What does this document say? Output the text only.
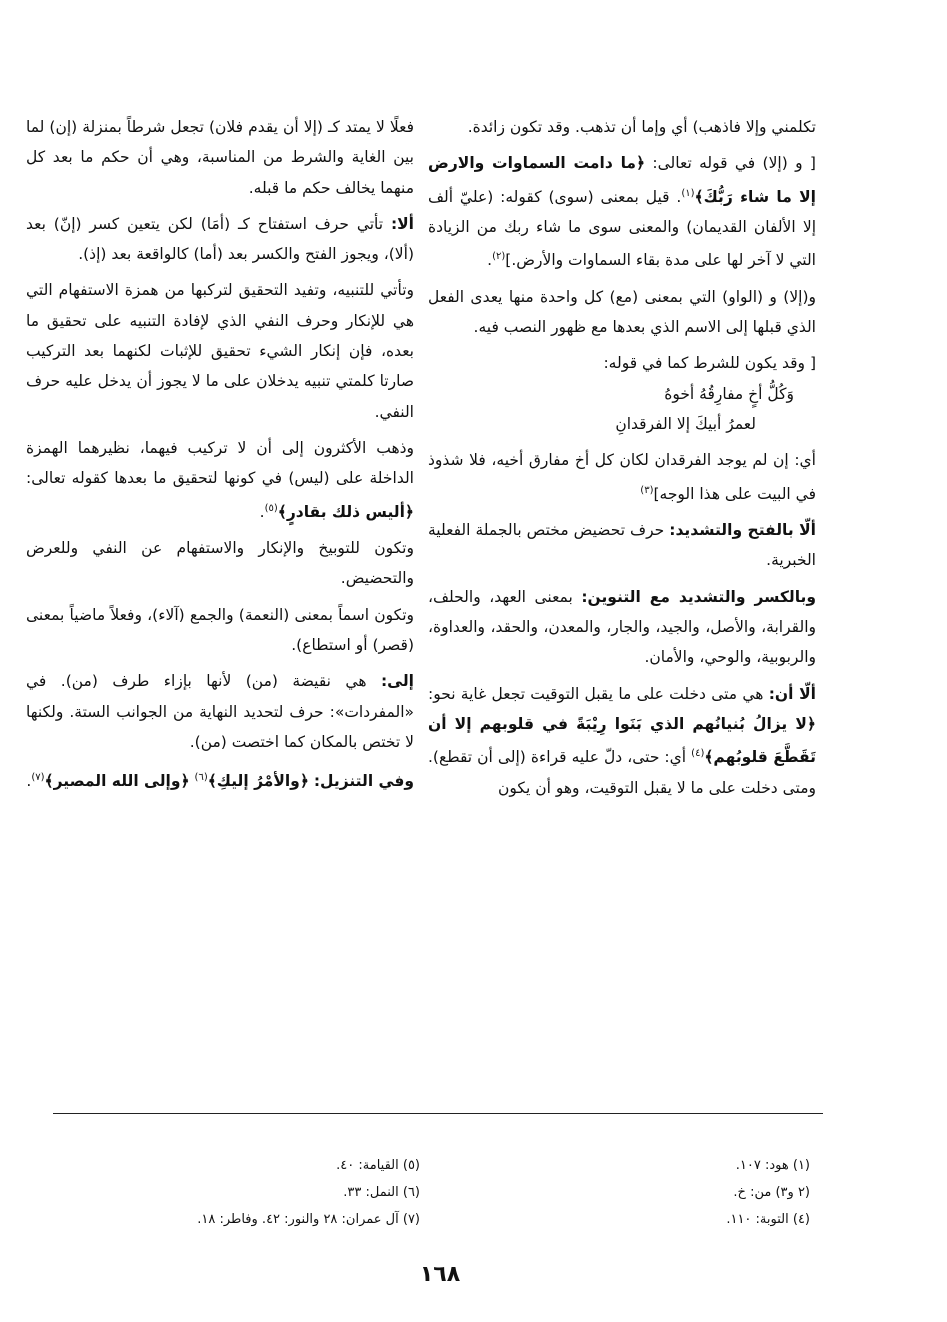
تكلمني وإلا فاذهب) أي وإما أن تذهب. وقد تكون زائدة.

[ و (إلا) في قوله تعالى: ﴿ما دامت السماوات والارض إلا ما شاء رَبُّكَ﴾$^{(١)}$. قيل بمعنى (سوى) كقوله: (عليّ ألف إلا الألفان القديمان) والمعنى سوى ما شاء ربك من الزيادة التي لا آخر لها على مدة بقاء السماوات والأرض.]$^{(٢)}$.

و(إلا) و (الواو) التي بمعنى (مع) كل واحدة منها يعدى الفعل الذي قبلها إلى الاسم الذي بعدها مع ظهور النصب فيه.

[ وقد يكون للشرط كما في قوله:
وَكُلُّ أخٍ مفارِقُهُ أخوهُ
لعمرُ أبيكَ إلا الفرقدانِ

أي: إن لم يوجد الفرقدان لكان كل أخ مفارق أخيه، فلا شذوذ في البيت على هذا الوجه]$^{(٣)}$

ألّا بالفتح والتشديد: حرف تحضيض مختص بالجملة الفعلية الخبرية.

وبالكسر والتشديد مع التنوين: بمعنى العهد، والحلف، والقرابة، والأصل، والجيد، والجار، والمعدن، والحقد، والعداوة، والربوبية، والوحي، والأمان.

ألّا أن: هي متى دخلت على ما يقبل التوقيت تجعل غاية نحو: ﴿لا يزالُ بُنيانُهم الذي بَنَوا رِيْبَةً في قلوبهم إلا أن تَقَطَّعَ قلوبُهم﴾$^{(٤)}$ أي: حتى، دلّ عليه قراءة (إلى أن تقطع). ومتى دخلت على ما لا يقبل التوقيت، وهو أن يكون

فعلًا لا يمتد كـ (إلا أن يقدم فلان) تجعل شرطاً بمنزلة (إن) لما بين الغاية والشرط من المناسبة، وهي أن حكم ما بعد كل منهما يخالف حكم ما قبله.

ألا: تأتي حرف استفتاح كـ (أمَا) لكن يتعين كسر (إنّ) بعد (ألا)، ويجوز الفتح والكسر بعد (أما) كالواقعة بعد (إذ).

وتأتي للتنبيه، وتفيد التحقيق لتركبها من همزة الاستفهام التي هي للإنكار وحرف النفي الذي لإفادة التنبيه على تحقيق ما بعده، فإن إنكار الشيء تحقيق للإثبات لكنهما بعد التركيب صارتا كلمتي تنبيه يدخلان على ما لا يجوز أن يدخل عليه حرف النفي.

وذهب الأكثرون إلى أن لا تركيب فيهما، نظيرهما الهمزة الداخلة على (ليس) في كونها لتحقيق ما بعدها كقوله تعالى: ﴿أليس ذلك بقادرٍ﴾$^{(٥)}$.

وتكون للتوبيخ والإنكار والاستفهام عن النفي وللعرض والتحضيض.

وتكون اسماً بمعنى (النعمة) والجمع (آلاء)، وفعلاً ماضياً بمعنى (قصر) أو استطاع).

إلى: هي نقيضة (من) لأنها بإزاء طرف (من). في «المفردات»: حرف لتحديد النهاية من الجوانب الستة. ولكنها لا تختص بالمكان كما اختصت (من).

وفي التنزيل: ﴿والأمْرُ إليكِ﴾$^{(٦)}$ ﴿وإلى الله المصير﴾$^{(٧)}$.

(١) هود: ١٠٧.
(٢ و٣) من: خ.
(٤) التوبة: ١١٠.
(٥) القيامة: ٤٠.
(٦) النمل: ٣٣.
(٧) آل عمران: ٢٨ والنور: ٤٢. وفاطر: ١٨.
١٦٨
